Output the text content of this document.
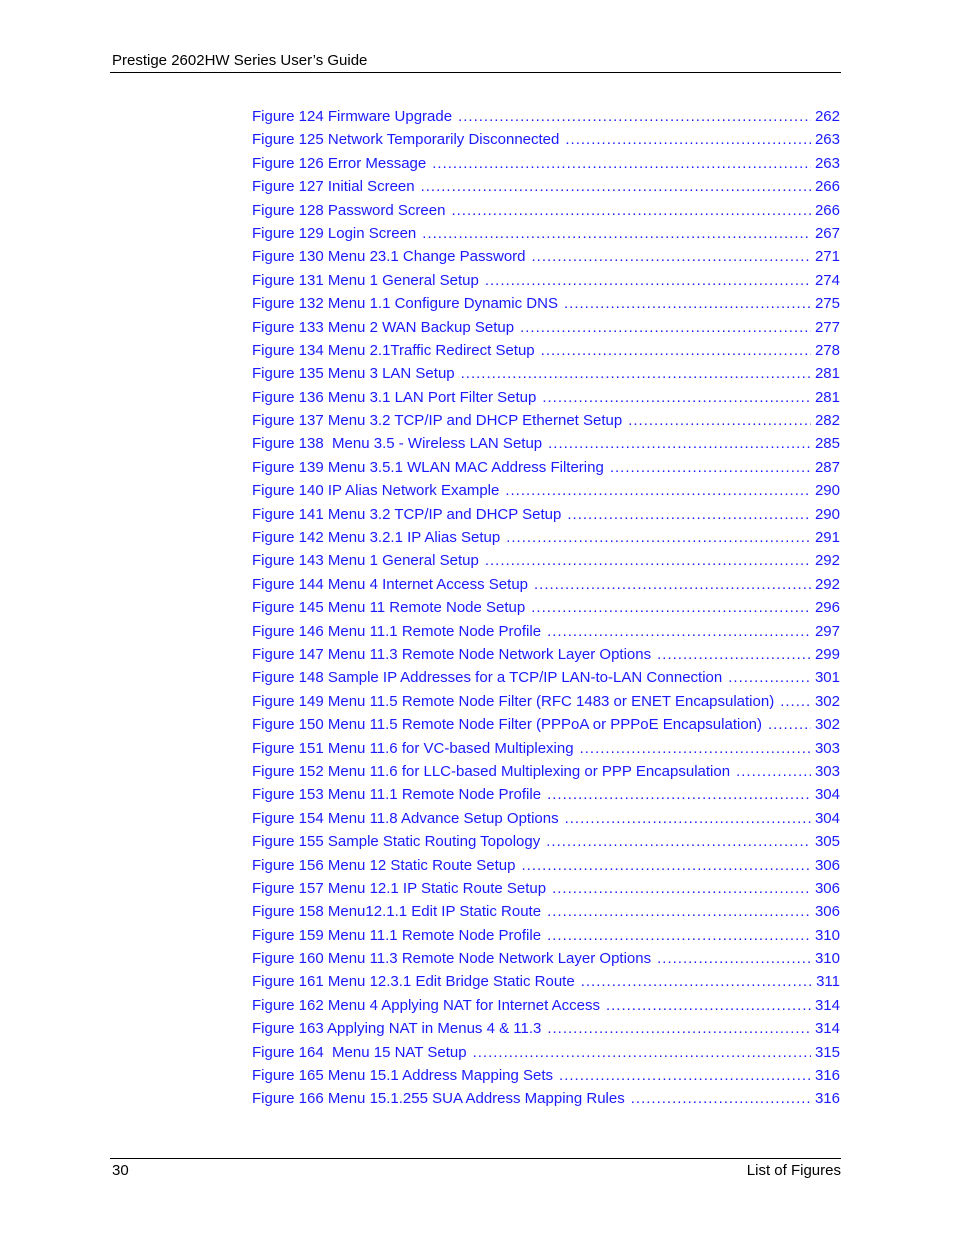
Prestige 2602HW Series User’s Guide
Figure 124 Firmware Upgrade .....	262
Figure 125 Network Temporarily Disconnected .....	263
Figure 126 Error Message .....	263
Figure 127 Initial Screen .....	266
Figure 128 Password Screen .....	266
Figure 129 Login Screen .....	267
Figure 130 Menu 23.1 Change Password .....	271
Figure 131 Menu 1 General Setup .....	274
Figure 132 Menu 1.1 Configure Dynamic DNS .....	275
Figure 133 Menu 2 WAN Backup Setup .....	277
Figure 134 Menu 2.1Traffic Redirect Setup .....	278
Figure 135 Menu 3 LAN Setup .....	281
Figure 136 Menu 3.1 LAN Port Filter Setup .....	281
Figure 137 Menu 3.2 TCP/IP and DHCP Ethernet Setup .....	282
Figure 138  Menu 3.5 - Wireless LAN Setup .....	285
Figure 139 Menu 3.5.1 WLAN MAC Address Filtering .....	287
Figure 140 IP Alias Network Example .....	290
Figure 141 Menu 3.2 TCP/IP and DHCP Setup .....	290
Figure 142 Menu 3.2.1 IP Alias Setup .....	291
Figure 143 Menu 1 General Setup .....	292
Figure 144 Menu 4 Internet Access Setup .....	292
Figure 145 Menu 11 Remote Node Setup .....	296
Figure 146 Menu 11.1 Remote Node Profile .....	297
Figure 147 Menu 11.3 Remote Node Network Layer Options .....	299
Figure 148 Sample IP Addresses for a TCP/IP LAN-to-LAN Connection .....	301
Figure 149 Menu 11.5 Remote Node Filter (RFC 1483 or ENET Encapsulation) .....	302
Figure 150 Menu 11.5 Remote Node Filter (PPPoA or PPPoE Encapsulation) .....	302
Figure 151 Menu 11.6 for VC-based Multiplexing .....	303
Figure 152 Menu 11.6 for LLC-based Multiplexing or PPP Encapsulation .....	303
Figure 153 Menu 11.1 Remote Node Profile .....	304
Figure 154 Menu 11.8 Advance Setup Options .....	304
Figure 155 Sample Static Routing Topology .....	305
Figure 156 Menu 12 Static Route Setup .....	306
Figure 157 Menu 12.1 IP Static Route Setup .....	306
Figure 158 Menu12.1.1 Edit IP Static Route .....	306
Figure 159 Menu 11.1 Remote Node Profile .....	310
Figure 160 Menu 11.3 Remote Node Network Layer Options .....	310
Figure 161 Menu 12.3.1 Edit Bridge Static Route .....	311
Figure 162 Menu 4 Applying NAT for Internet Access .....	314
Figure 163 Applying NAT in Menus 4 & 11.3 .....	314
Figure 164  Menu 15 NAT Setup .....	315
Figure 165 Menu 15.1 Address Mapping Sets .....	316
Figure 166 Menu 15.1.255 SUA Address Mapping Rules .....	316
30	List of Figures
